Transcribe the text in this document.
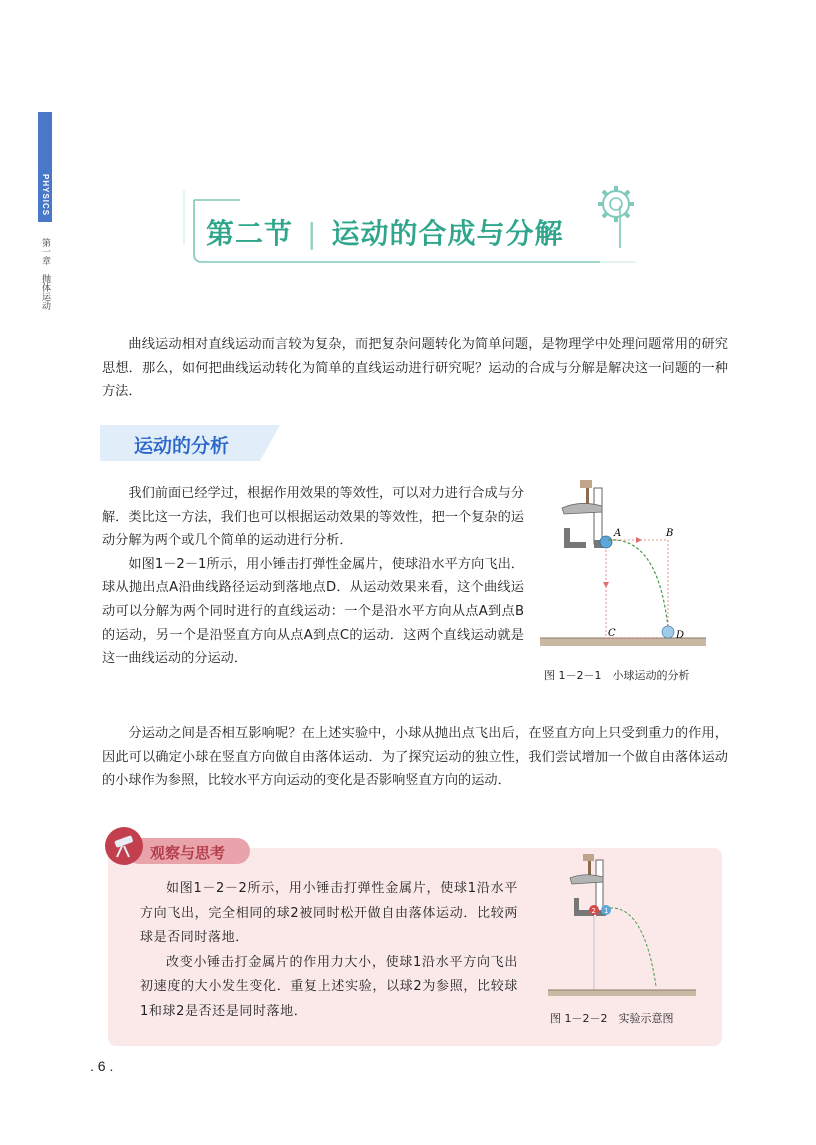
PHYSICS
第一章　抛体运动
第二节 | 运动的合成与分解

曲线运动相对直线运动而言较为复杂，而把复杂问题转化为简单问题，是物理学中处理问题常用的研究思想．那么，如何把曲线运动转化为简单的直线运动进行研究呢？运动的合成与分解是解决这一问题的一种方法．

运动的分析

我们前面已经学过，根据作用效果的等效性，可以对力进行合成与分解．类比这一方法，我们也可以根据运动效果的等效性，把一个复杂的运动分解为两个或几个简单的运动进行分析．

如图1－2－1所示，用小锤击打弹性金属片，使球沿水平方向飞出．球从抛出点A沿曲线路径运动到落地点D．从运动效果来看，这个曲线运动可以分解为两个同时进行的直线运动：一个是沿水平方向从点A到点B的运动，另一个是沿竖直方向从点A到点C的运动．这两个直线运动就是这一曲线运动的分运动．

A	B
C	D
图 1－2－1　小球运动的分析

分运动之间是否相互影响呢？在上述实验中，小球从抛出点飞出后，在竖直方向上只受到重力的作用，因此可以确定小球在竖直方向做自由落体运动．为了探究运动的独立性，我们尝试增加一个做自由落体运动的小球作为参照，比较水平方向运动的变化是否影响竖直方向的运动．

观察与思考

如图1－2－2所示，用小锤击打弹性金属片，使球1沿水平方向飞出，完全相同的球2被同时松开做自由落体运动．比较两球是否同时落地．

改变小锤击打金属片的作用力大小，使球1沿水平方向飞出初速度的大小发生变化．重复上述实验，以球2为参照，比较球1和球2是否还是同时落地．

2 1
图 1－2－2　实验示意图
. 6 .
